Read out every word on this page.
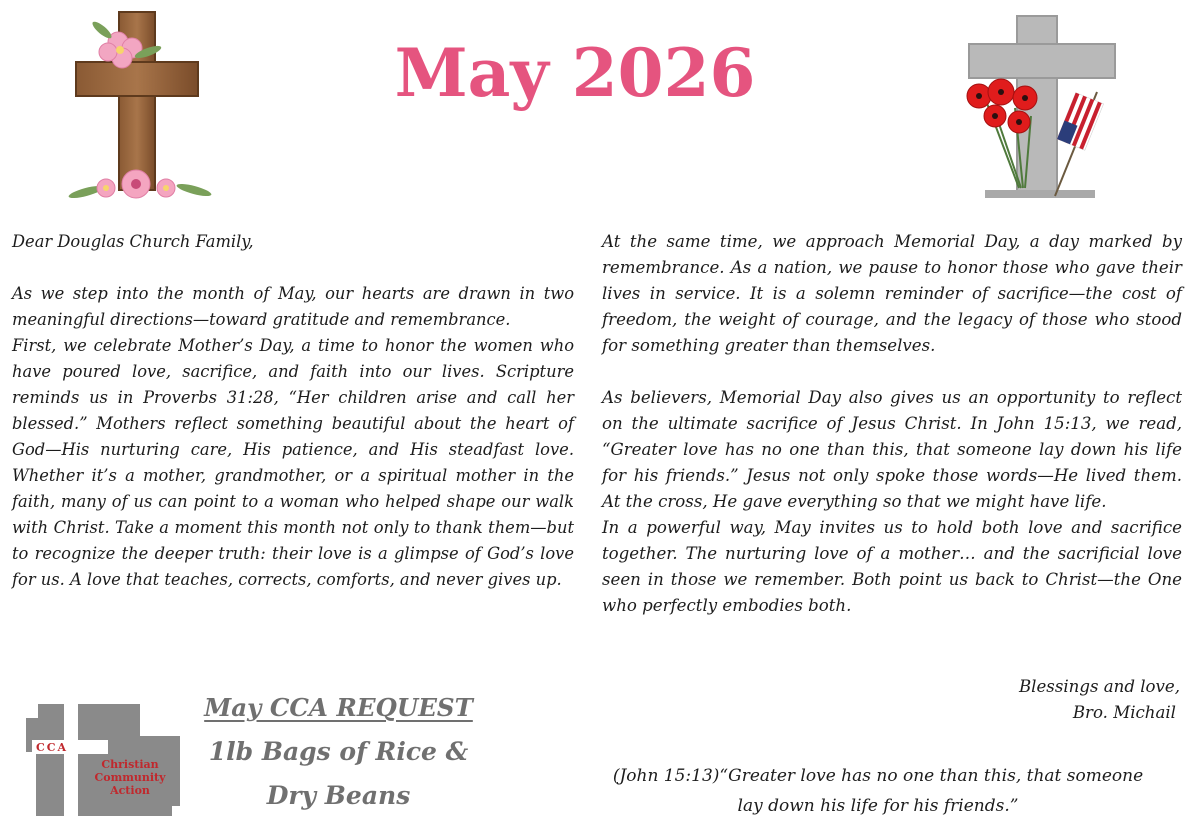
May 2026

Dear Douglas Church Family,

As we step into the month of May, our hearts are drawn in two meaningful directions—toward gratitude and remembrance.

First, we celebrate Mother’s Day, a time to honor the women who have poured love, sacrifice, and faith into our lives. Scripture reminds us in Proverbs 31:28, “Her children arise and call her blessed.” Mothers reflect something beautiful about the heart of God—His nurturing care, His patience, and His steadfast love. Whether it’s a mother, grandmother, or a spiritual mother in the faith, many of us can point to a woman who helped shape our walk with Christ. Take a moment this month not only to thank them—but to recognize the deeper truth: their love is a glimpse of God’s love for us. A love that teaches, corrects, comforts, and never gives up.

At the same time, we approach Memorial Day, a day marked by remembrance. As a nation, we pause to honor those who gave their lives in service. It is a solemn reminder of sacrifice—the cost of freedom, the weight of courage, and the legacy of those who stood for something greater than themselves.

As believers, Memorial Day also gives us an opportunity to reflect on the ultimate sacrifice of Jesus Christ. In John 15:13, we read, “Greater love has no one than this, that someone lay down his life for his friends.” Jesus not only spoke those words—He lived them. At the cross, He gave everything so that we might have life.

In a powerful way, May invites us to hold both love and sacrifice together. The nurturing love of a mother… and the sacrificial love seen in those we remember. Both point us back to Christ—the One who perfectly embodies both.

Blessings and love,
Bro. Michail
CCA
Christian
Community
Action
May CCA REQUEST
1lb Bags of Rice &
Dry Beans
(John 15:13)“Greater love has no one than this, that someone
lay down his life for his friends.”
